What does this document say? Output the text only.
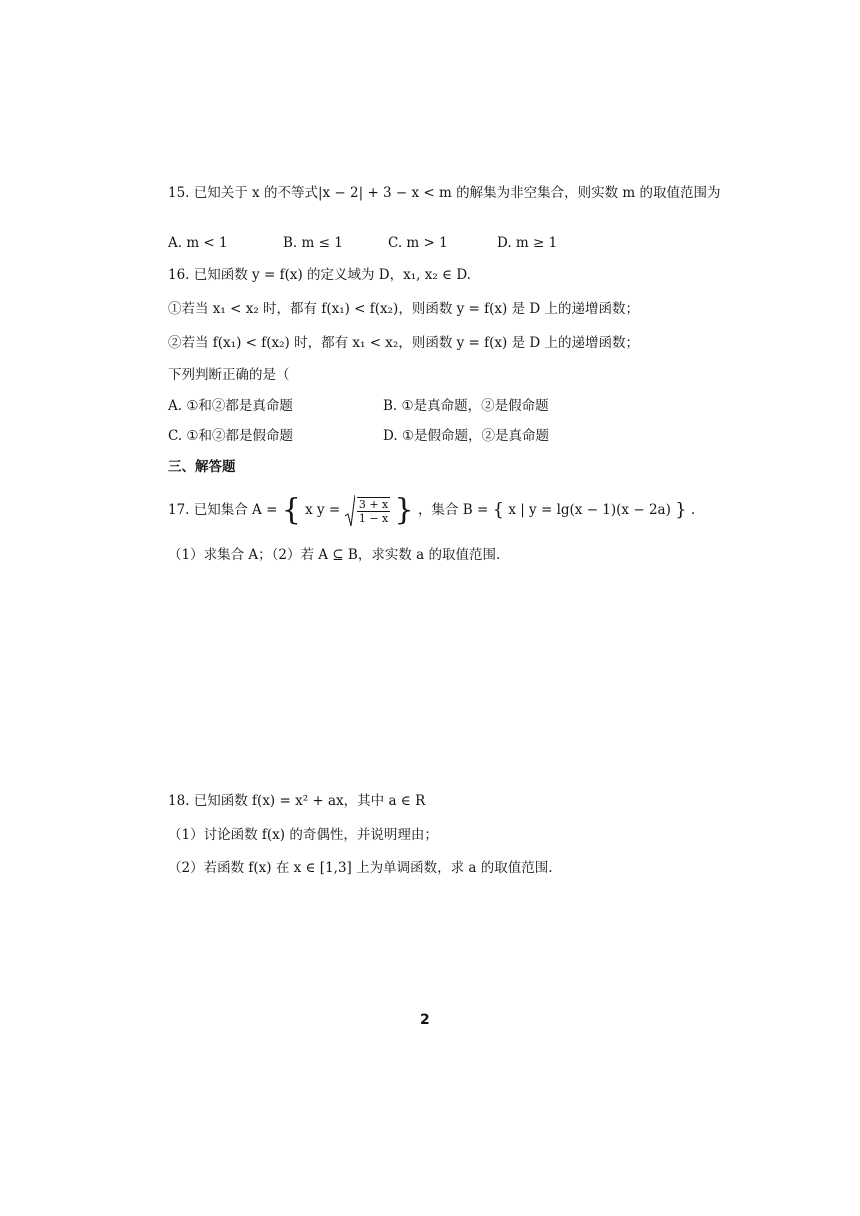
15. 已知关于 x 的不等式|x − 2| + 3 − x < m 的解集为非空集合，则实数 m 的取值范围为
A. m < 1	B. m ≤ 1	C. m > 1	D. m ≥ 1
16. 已知函数 y = f(x) 的定义域为 D，x₁, x₂ ∈ D.
①若当 x₁ < x₂ 时，都有 f(x₁) < f(x₂)，则函数 y = f(x) 是 D 上的递增函数；
②若当 f(x₁) < f(x₂) 时，都有 x₁ < x₂，则函数 y = f(x) 是 D 上的递增函数；
下列判断正确的是（
A. ①和②都是真命题	B. ①是真命题，②是假命题
C. ①和②都是假命题	D. ①是假命题，②是真命题
三、解答题
17. 已知集合 A = { x $y = \frac{3 + x}{1 - x}$ } ，集合 B = { x | y = lg(x − 1)(x − 2a) } .
（1）求集合 A；（2）若 A ⊆ B，求实数 a 的取值范围.
18. 已知函数 f(x) = x² + ax，其中 a ∈ R
（1）讨论函数 f(x) 的奇偶性，并说明理由；
（2）若函数 f(x) 在 x ∈ [1,3] 上为单调函数，求 a 的取值范围.
2
